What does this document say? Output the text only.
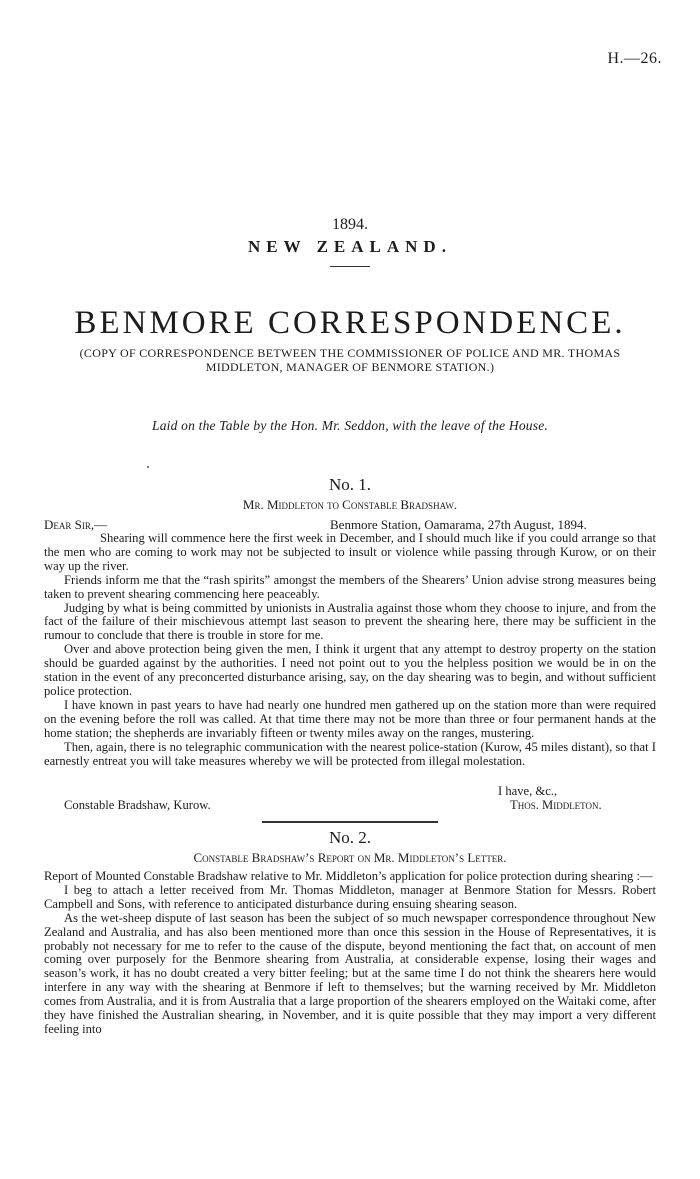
H.—26.
1894.
NEW ZEALAND.
BENMORE CORRESPONDENCE.
(COPY OF CORRESPONDENCE BETWEEN THE COMMISSIONER OF POLICE AND MR. THOMAS
MIDDLETON, MANAGER OF BENMORE STATION.)
Laid on the Table by the Hon. Mr. Seddon, with the leave of the House.
No. 1.
Mr. Middleton to Constable Bradshaw.
Dear Sir,—	Benmore Station, Oamarama, 27th August, 1894.

Shearing will commence here the first week in December, and I should much like if you could arrange so that the men who are coming to work may not be subjected to insult or violence while passing through Kurow, or on their way up the river.

Friends inform me that the “rash spirits” amongst the members of the Shearers’ Union advise strong measures being taken to prevent shearing commencing here peaceably.

Judging by what is being committed by unionists in Australia against those whom they choose to injure, and from the fact of the failure of their mischievous attempt last season to prevent the shearing here, there may be sufficient in the rumour to conclude that there is trouble in store for me.

Over and above protection being given the men, I think it urgent that any attempt to destroy property on the station should be guarded against by the authorities. I need not point out to you the helpless position we would be in on the station in the event of any preconcerted disturbance arising, say, on the day shearing was to begin, and without sufficient police protection.

I have known in past years to have had nearly one hundred men gathered up on the station more than were required on the evening before the roll was called. At that time there may not be more than three or four permanent hands at the home station; the shepherds are invariably fifteen or twenty miles away on the ranges, mustering.

Then, again, there is no telegraphic communication with the nearest police-station (Kurow, 45 miles distant), so that I earnestly entreat you will take measures whereby we will be protected from illegal molestation.

I have, &c.,
Constable Bradshaw, Kurow.	Thos. Middleton.
No. 2.
Constable Bradshaw’s Report on Mr. Middleton’s Letter.

Report of Mounted Constable Bradshaw relative to Mr. Middleton’s application for police protection during shearing :—

I beg to attach a letter received from Mr. Thomas Middleton, manager at Benmore Station for Messrs. Robert Campbell and Sons, with reference to anticipated disturbance during ensuing shearing season.

As the wet-sheep dispute of last season has been the subject of so much newspaper correspondence throughout New Zealand and Australia, and has also been mentioned more than once this session in the House of Representatives, it is probably not necessary for me to refer to the cause of the dispute, beyond mentioning the fact that, on account of men coming over purposely for the Benmore shearing from Australia, at considerable expense, losing their wages and season’s work, it has no doubt created a very bitter feeling; but at the same time I do not think the shearers here would interfere in any way with the shearing at Benmore if left to themselves; but the warning received by Mr. Middleton comes from Australia, and it is from Australia that a large proportion of the shearers employed on the Waitaki come, after they have finished the Australian shearing, in November, and it is quite possible that they may import a very different feeling into
